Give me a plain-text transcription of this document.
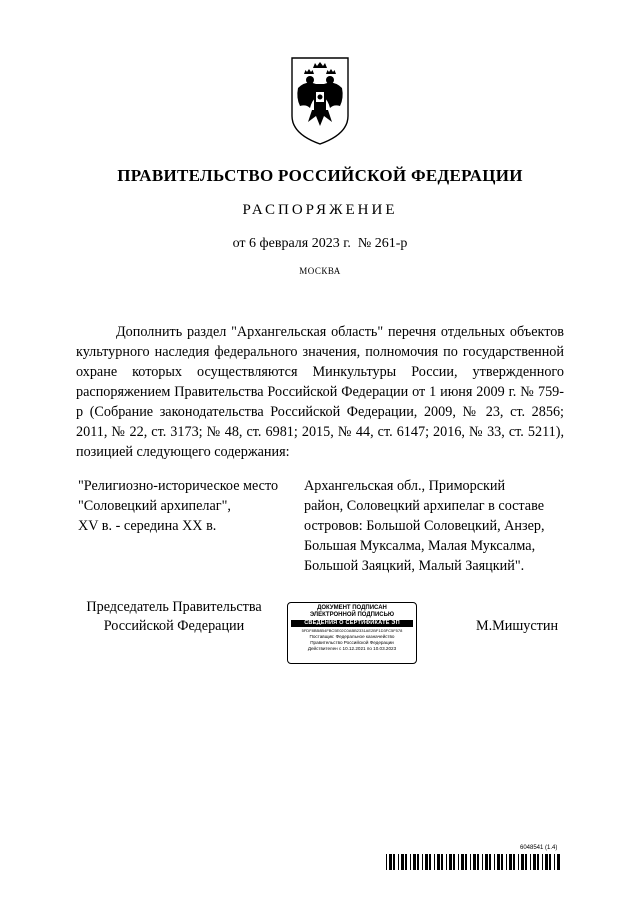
ПРАВИТЕЛЬСТВО РОССИЙСКОЙ ФЕДЕРАЦИИ
РАСПОРЯЖЕНИЕ
от 6 февраля 2023 г.  № 261-р
МОСКВА

Дополнить раздел "Архангельская область" перечня отдельных объектов культурного наследия федерального значения, полномочия по государственной охране которых осуществляются Минкультуры России, утвержденного распоряжением Правительства Российской Федерации от 1 июня 2009 г. № 759-р (Собрание законодательства Российской Федерации, 2009, № 23, ст. 2856; 2011, № 22, ст. 3173; № 48, ст. 6981; 2015, № 44, ст. 6147; 2016, № 33, ст. 5211), позицией следующего содержания:

"Религиозно-историческое место
"Соловецкий архипелаг",
XV в. - середина XX в.
Архангельская обл., Приморский
район, Соловецкий архипелаг в составе
островов: Большой Соловецкий, Анзер,
Большая Муксалма, Малая Муксалма,
Большой Заяцкий, Малый Заяцкий".
Председатель Правительства
Российской Федерации
ДОКУМЕНТ ПОДПИСАН
ЭЛЕКТРОННОЙ ПОДПИСЬЮ
СВЕДЕНИЯ О СЕРТИФИКАТЕ ЭП
5FDF8BB8B4FBC5E02C0ABB2331AE2BF1D3FC5F578
Поставщик: Федеральное казначейство
Правительство Российской Федерации
Действителен с 10.12.2021 по 10.03.2023
М.Мишустин
6048541 (1.4)
